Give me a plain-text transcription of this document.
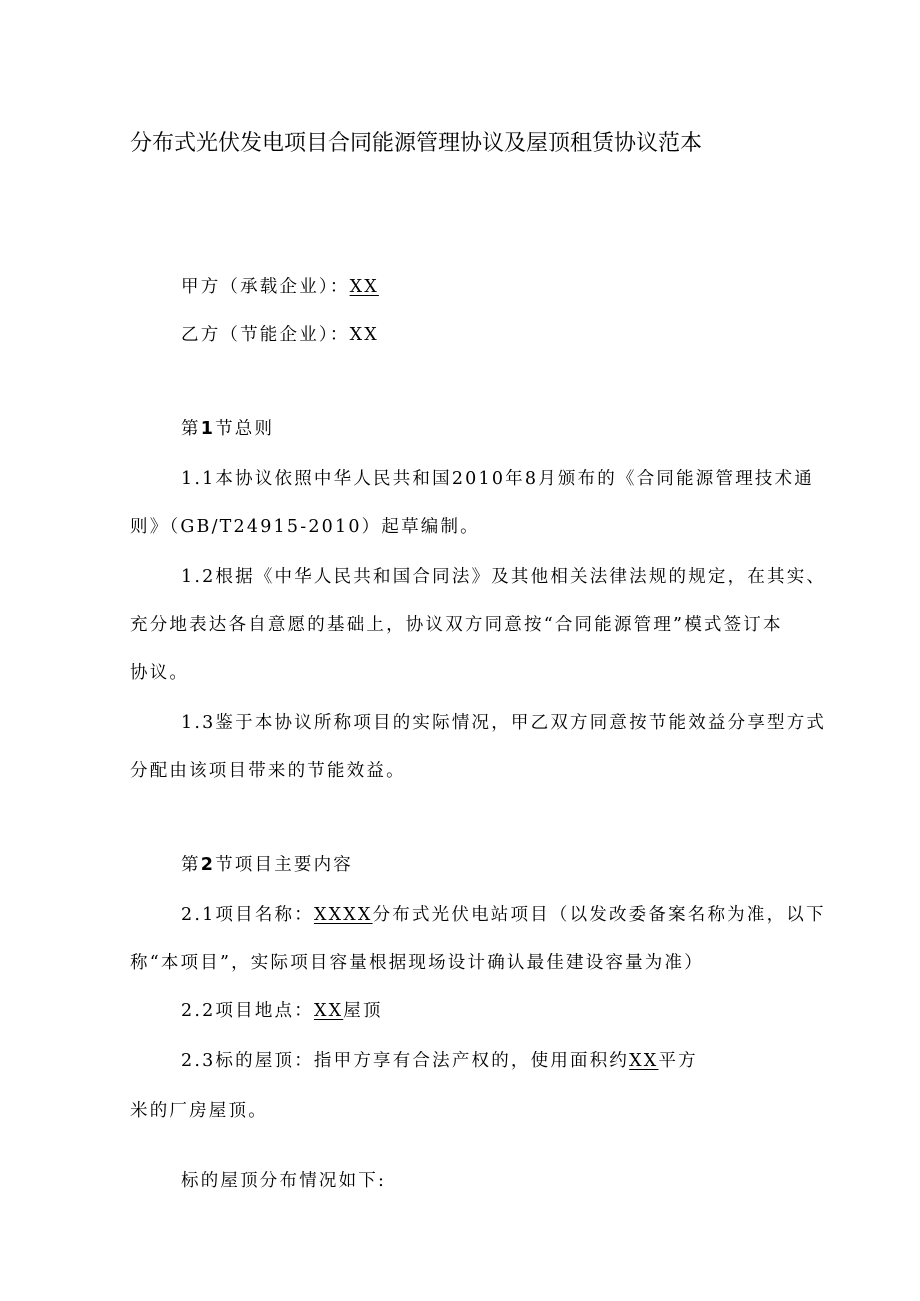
分布式光伏发电项目合同能源管理协议及屋顶租赁协议范本
甲方（承载企业）：XX
乙方（节能企业）：XX
第1节总则
1.1本协议依照中华人民共和国2010年8月颁布的《合同能源管理技术通
则》（GB/T24915-2010）起草编制。
1.2根据《中华人民共和国合同法》及其他相关法律法规的规定，在其实、
充分地表达各自意愿的基础上，协议双方同意按“合同能源管理”模式签订本
协议。
1.3鉴于本协议所称项目的实际情况，甲乙双方同意按节能效益分享型方式
分配由该项目带来的节能效益。
第2节项目主要内容
2.1项目名称：XXXX分布式光伏电站项目（以发改委备案名称为准，以下
称“本项目”，实际项目容量根据现场设计确认最佳建设容量为准）
2.2项目地点：XX屋顶
2.3标的屋顶：指甲方享有合法产权的，使用面积约XX平方
米的厂房屋顶。
标的屋顶分布情况如下:
